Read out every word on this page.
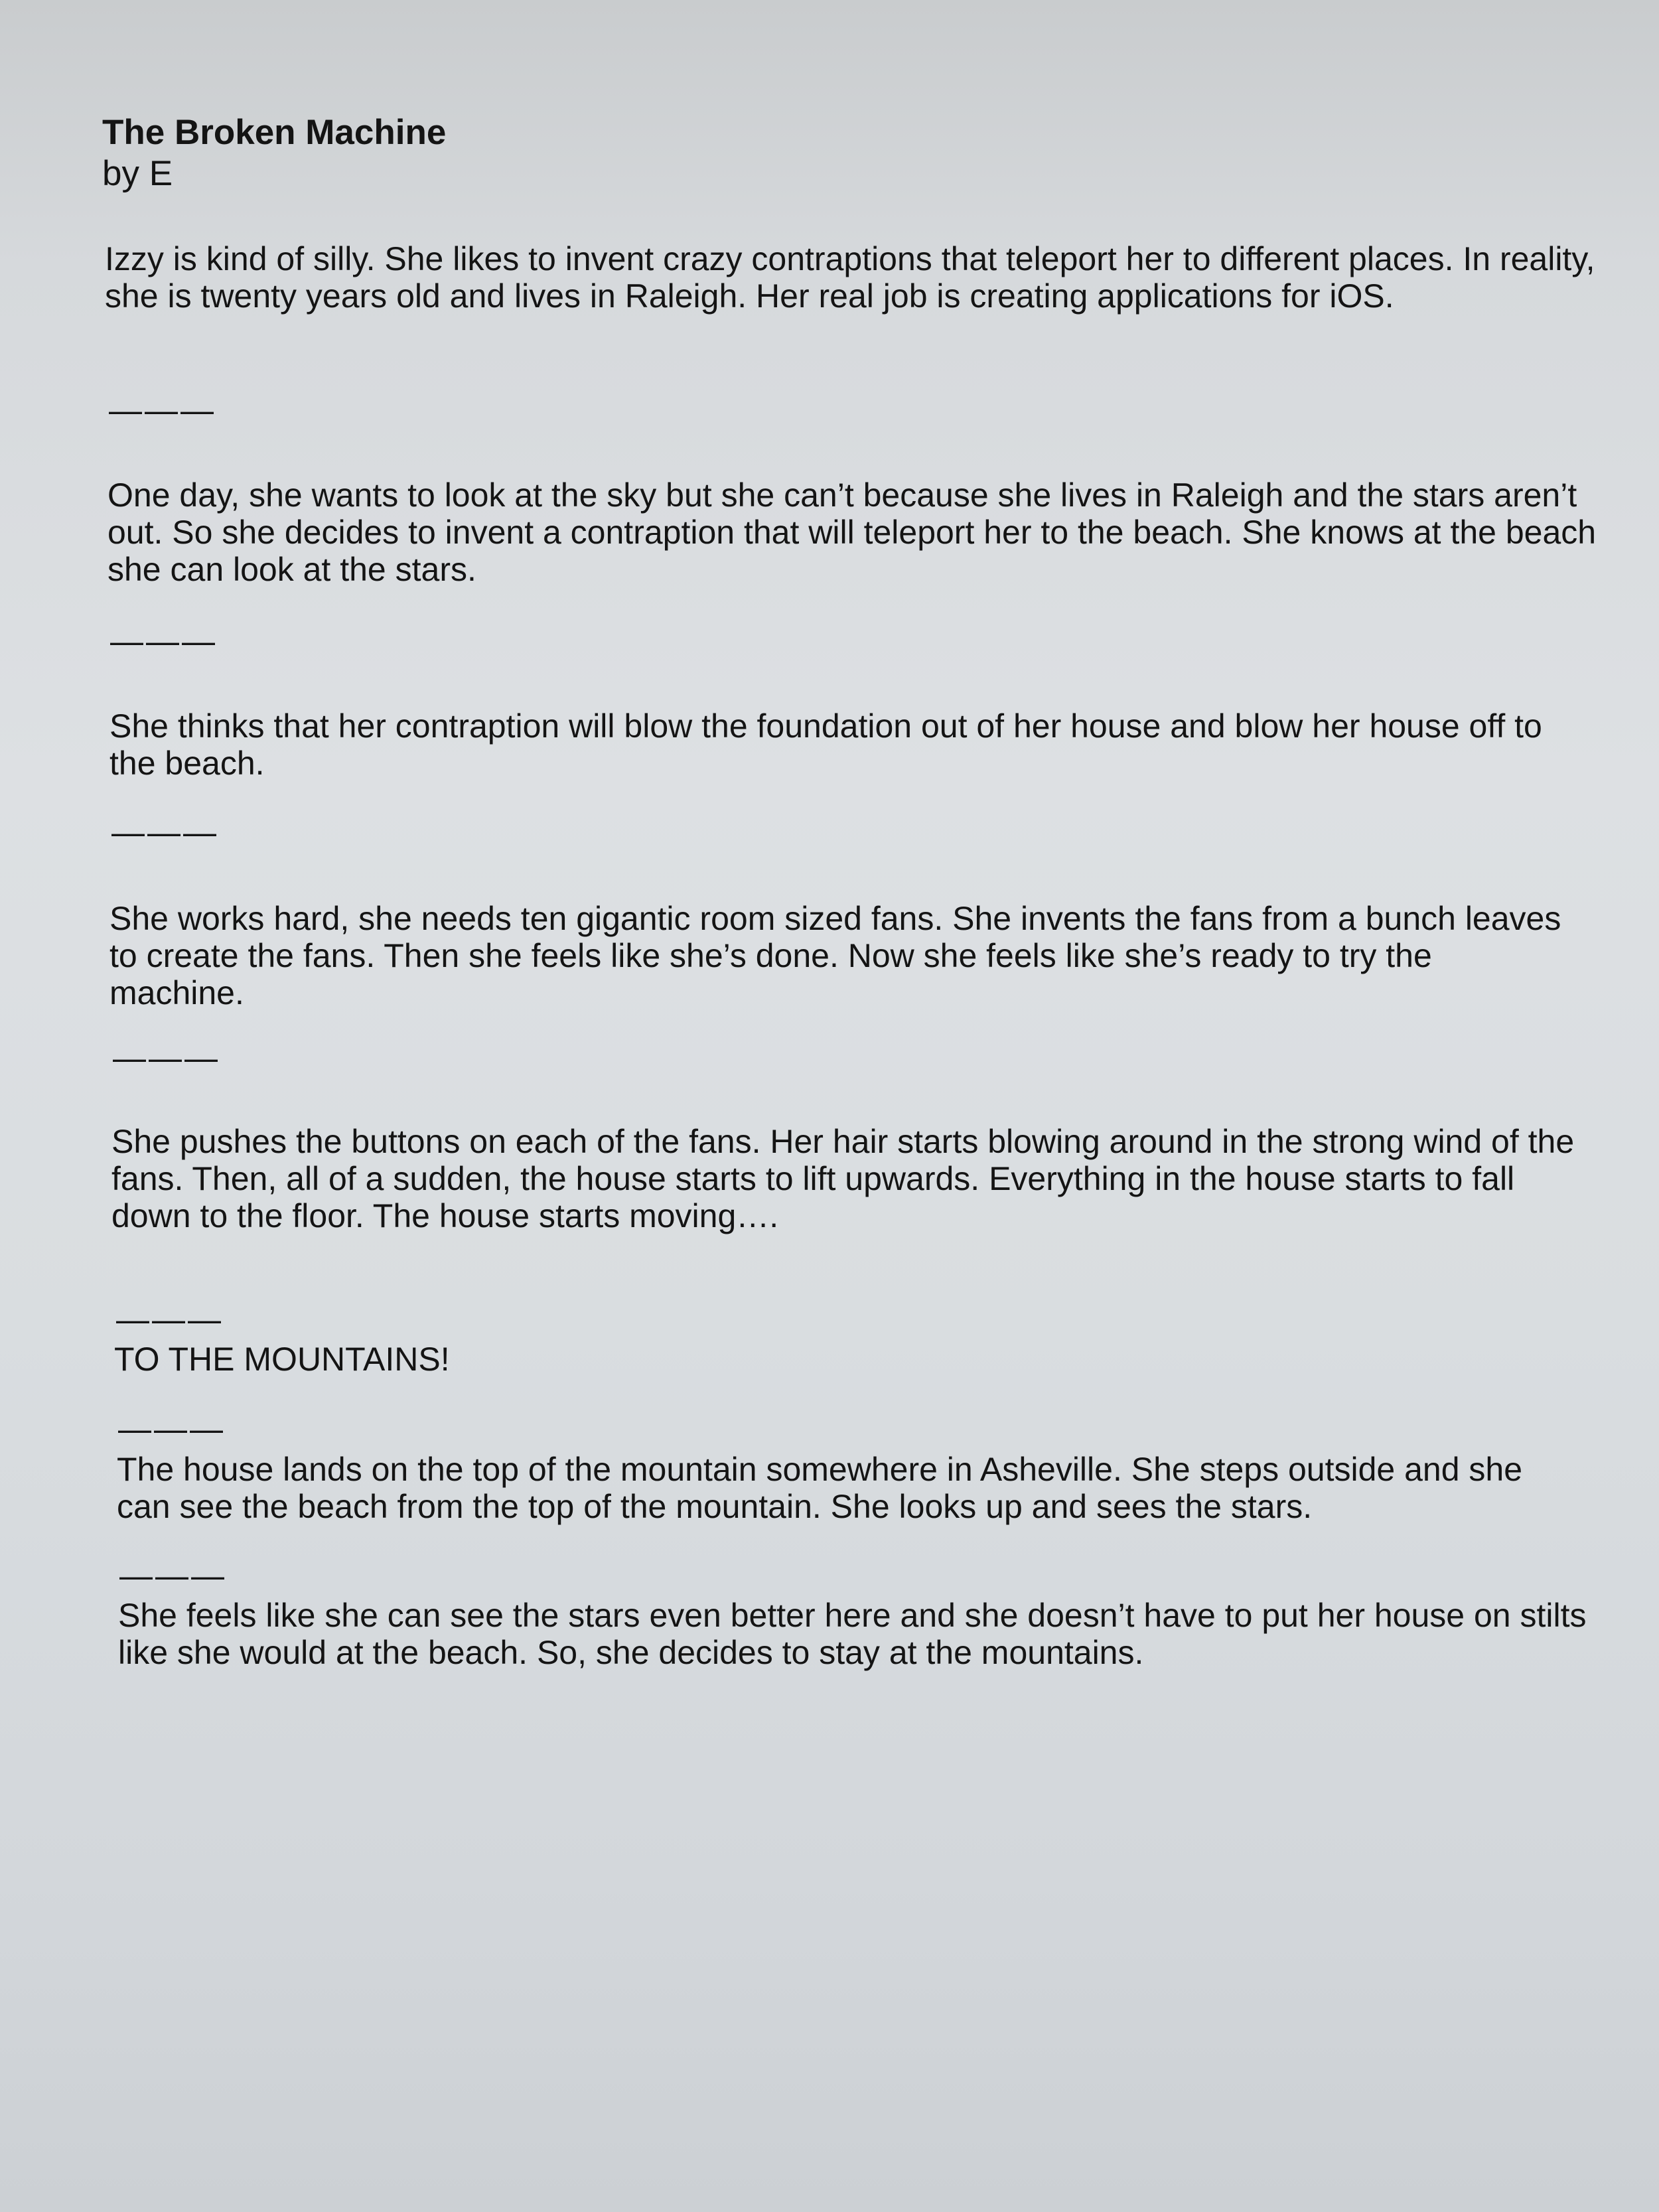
The Broken Machine
by E

Izzy is kind of silly. She likes to invent crazy contraptions that teleport her to different places. In reality, she is twenty years old and lives in Raleigh. Her real job is creating applications for iOS.

———

One day, she wants to look at the sky but she can’t because she lives in Raleigh and the stars aren’t out. So she decides to invent a contraption that will teleport her to the beach. She knows at the beach she can look at the stars.

———

She thinks that her contraption will blow the foundation out of her house and blow her house off to the beach.

———

She works hard, she needs ten gigantic room sized fans. She invents the fans from a bunch leaves to create the fans. Then she feels like she’s done. Now she feels like she’s ready to try the machine.

———

She pushes the buttons on each of the fans. Her hair starts blowing around in the strong wind of the fans. Then, all of a sudden, the house starts to lift upwards. Everything in the house starts to fall down to the floor. The house starts moving….

———
TO THE MOUNTAINS!
———

The house lands on the top of the mountain somewhere in Asheville. She steps outside and she can see the beach from the top of the mountain. She looks up and sees the stars.

———

She feels like she can see the stars even better here and she doesn’t have to put her house on stilts like she would at the beach. So, she decides to stay at the mountains.
